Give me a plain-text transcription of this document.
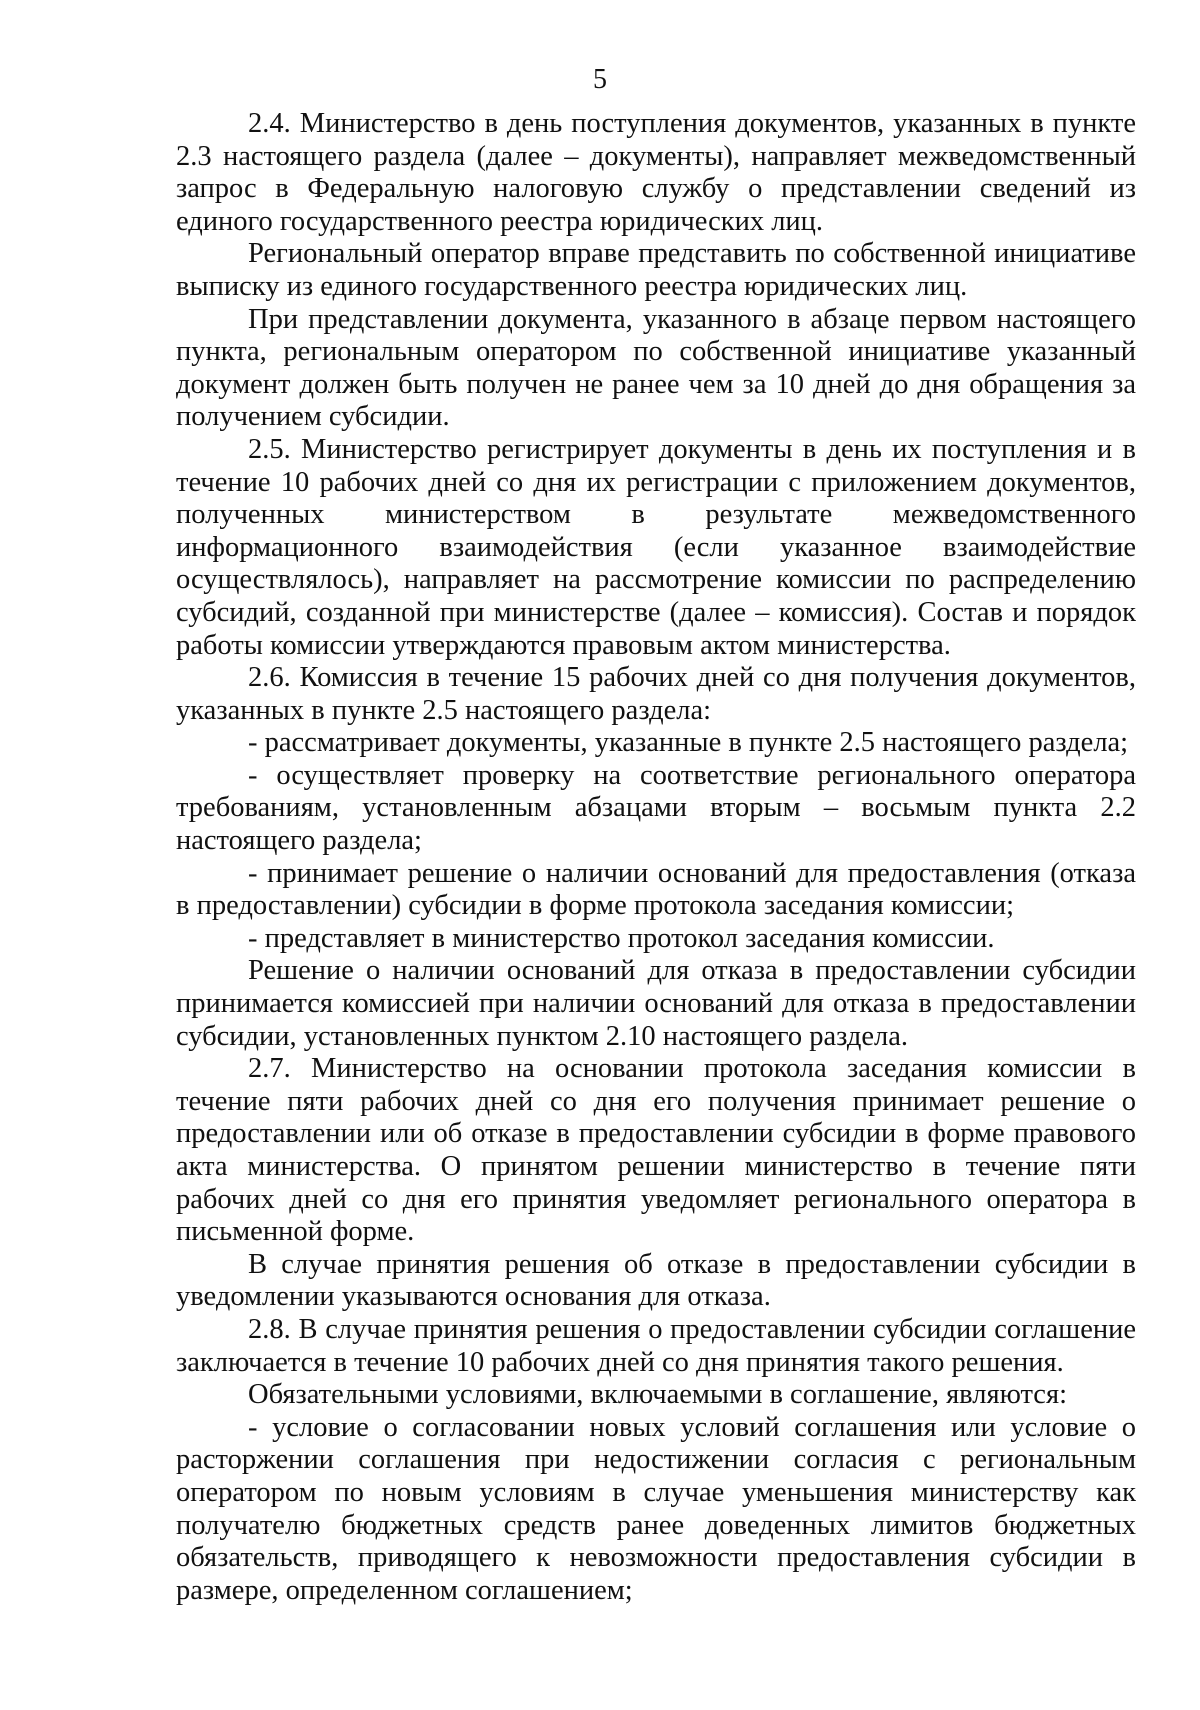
5

2.4. Министерство в день поступления документов, указанных в пункте 2.3 настоящего раздела (далее – документы), направляет межведомственный запрос в Федеральную налоговую службу о представлении сведений из единого государственного реестра юридических лиц.

Региональный оператор вправе представить по собственной инициативе выписку из единого государственного реестра юридических лиц.

При представлении документа, указанного в абзаце первом настоящего пункта, региональным оператором по собственной инициативе указанный документ должен быть получен не ранее чем за 10 дней до дня обращения за получением субсидии.

2.5. Министерство регистрирует документы в день их поступления и в течение 10 рабочих дней со дня их регистрации с приложением документов, полученных министерством в результате межведомственного информационного взаимодействия (если указанное взаимодействие осуществлялось), направляет на рассмотрение комиссии по распределению субсидий, созданной при министерстве (далее – комиссия). Состав и порядок работы комиссии утверждаются правовым актом министерства.

2.6. Комиссия в течение 15 рабочих дней со дня получения документов, указанных в пункте 2.5 настоящего раздела:

- рассматривает документы, указанные в пункте 2.5 настоящего раздела;

- осуществляет проверку на соответствие регионального оператора требованиям, установленным абзацами вторым – восьмым пункта 2.2 настоящего раздела;

- принимает решение о наличии оснований для предоставления (отказа в предоставлении) субсидии в форме протокола заседания комиссии;

- представляет в министерство протокол заседания комиссии.

Решение о наличии оснований для отказа в предоставлении субсидии принимается комиссией при наличии оснований для отказа в предоставлении субсидии, установленных пунктом 2.10 настоящего раздела.

2.7. Министерство на основании протокола заседания комиссии в течение пяти рабочих дней со дня его получения принимает решение о предоставлении или об отказе в предоставлении субсидии в форме правового акта министерства. О принятом решении министерство в течение пяти рабочих дней со дня его принятия уведомляет регионального оператора в письменной форме.

В случае принятия решения об отказе в предоставлении субсидии в уведомлении указываются основания для отказа.

2.8. В случае принятия решения о предоставлении субсидии соглашение заключается в течение 10 рабочих дней со дня принятия такого решения.

Обязательными условиями, включаемыми в соглашение, являются:

- условие о согласовании новых условий соглашения или условие о расторжении соглашения при недостижении согласия с региональным оператором по новым условиям в случае уменьшения министерству как получателю бюджетных средств ранее доведенных лимитов бюджетных обязательств, приводящего к невозможности предоставления субсидии в размере, определенном соглашением;
